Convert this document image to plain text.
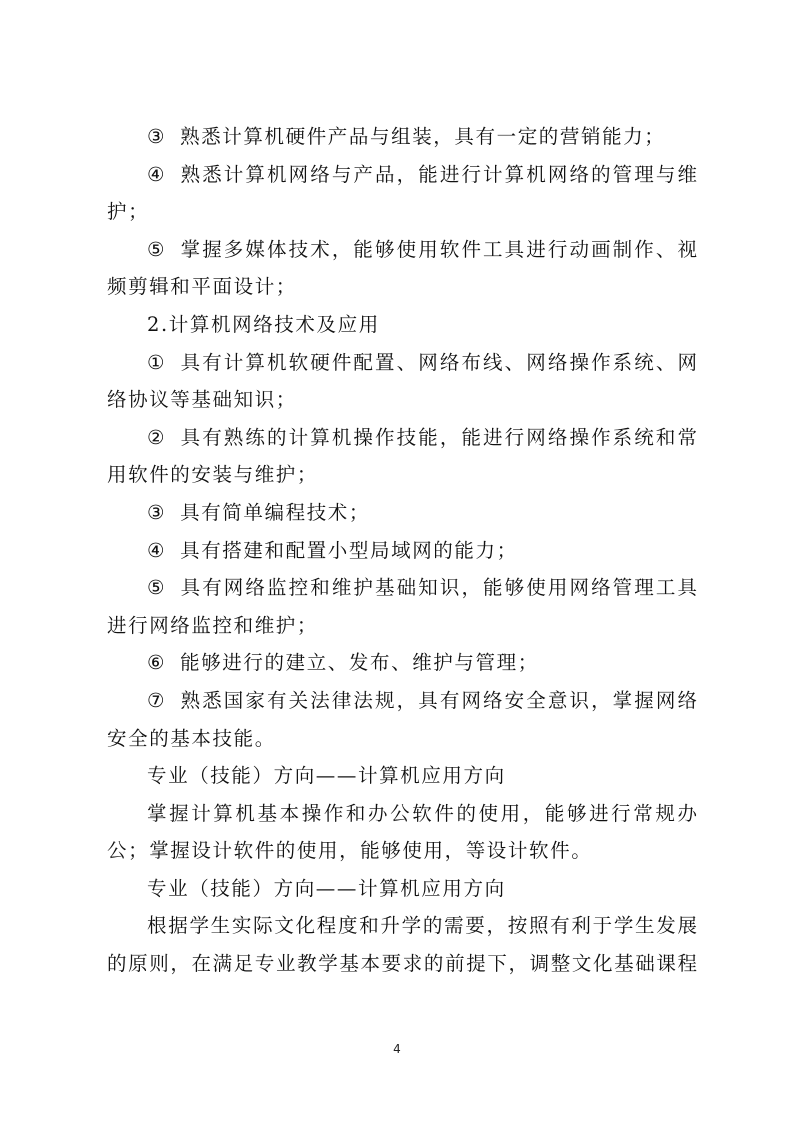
③ 熟悉计算机硬件产品与组装，具有一定的营销能力；
④ 熟悉计算机网络与产品，能进行计算机网络的管理与维
护；
⑤ 掌握多媒体技术，能够使用软件工具进行动画制作、视
频剪辑和平面设计；
2.计算机网络技术及应用
① 具有计算机软硬件配置、网络布线、网络操作系统、网
络协议等基础知识；
② 具有熟练的计算机操作技能，能进行网络操作系统和常
用软件的安装与维护；
③ 具有简单编程技术；
④ 具有搭建和配置小型局域网的能力；
⑤ 具有网络监控和维护基础知识，能够使用网络管理工具
进行网络监控和维护；
⑥ 能够进行的建立、发布、维护与管理；
⑦ 熟悉国家有关法律法规，具有网络安全意识，掌握网络
安全的基本技能。
专业（技能）方向——计算机应用方向
掌握计算机基本操作和办公软件的使用，能够进行常规办
公；掌握设计软件的使用，能够使用，等设计软件。
专业（技能）方向——计算机应用方向
根据学生实际文化程度和升学的需要，按照有利于学生发展
的原则，在满足专业教学基本要求的前提下，调整文化基础课程
4
